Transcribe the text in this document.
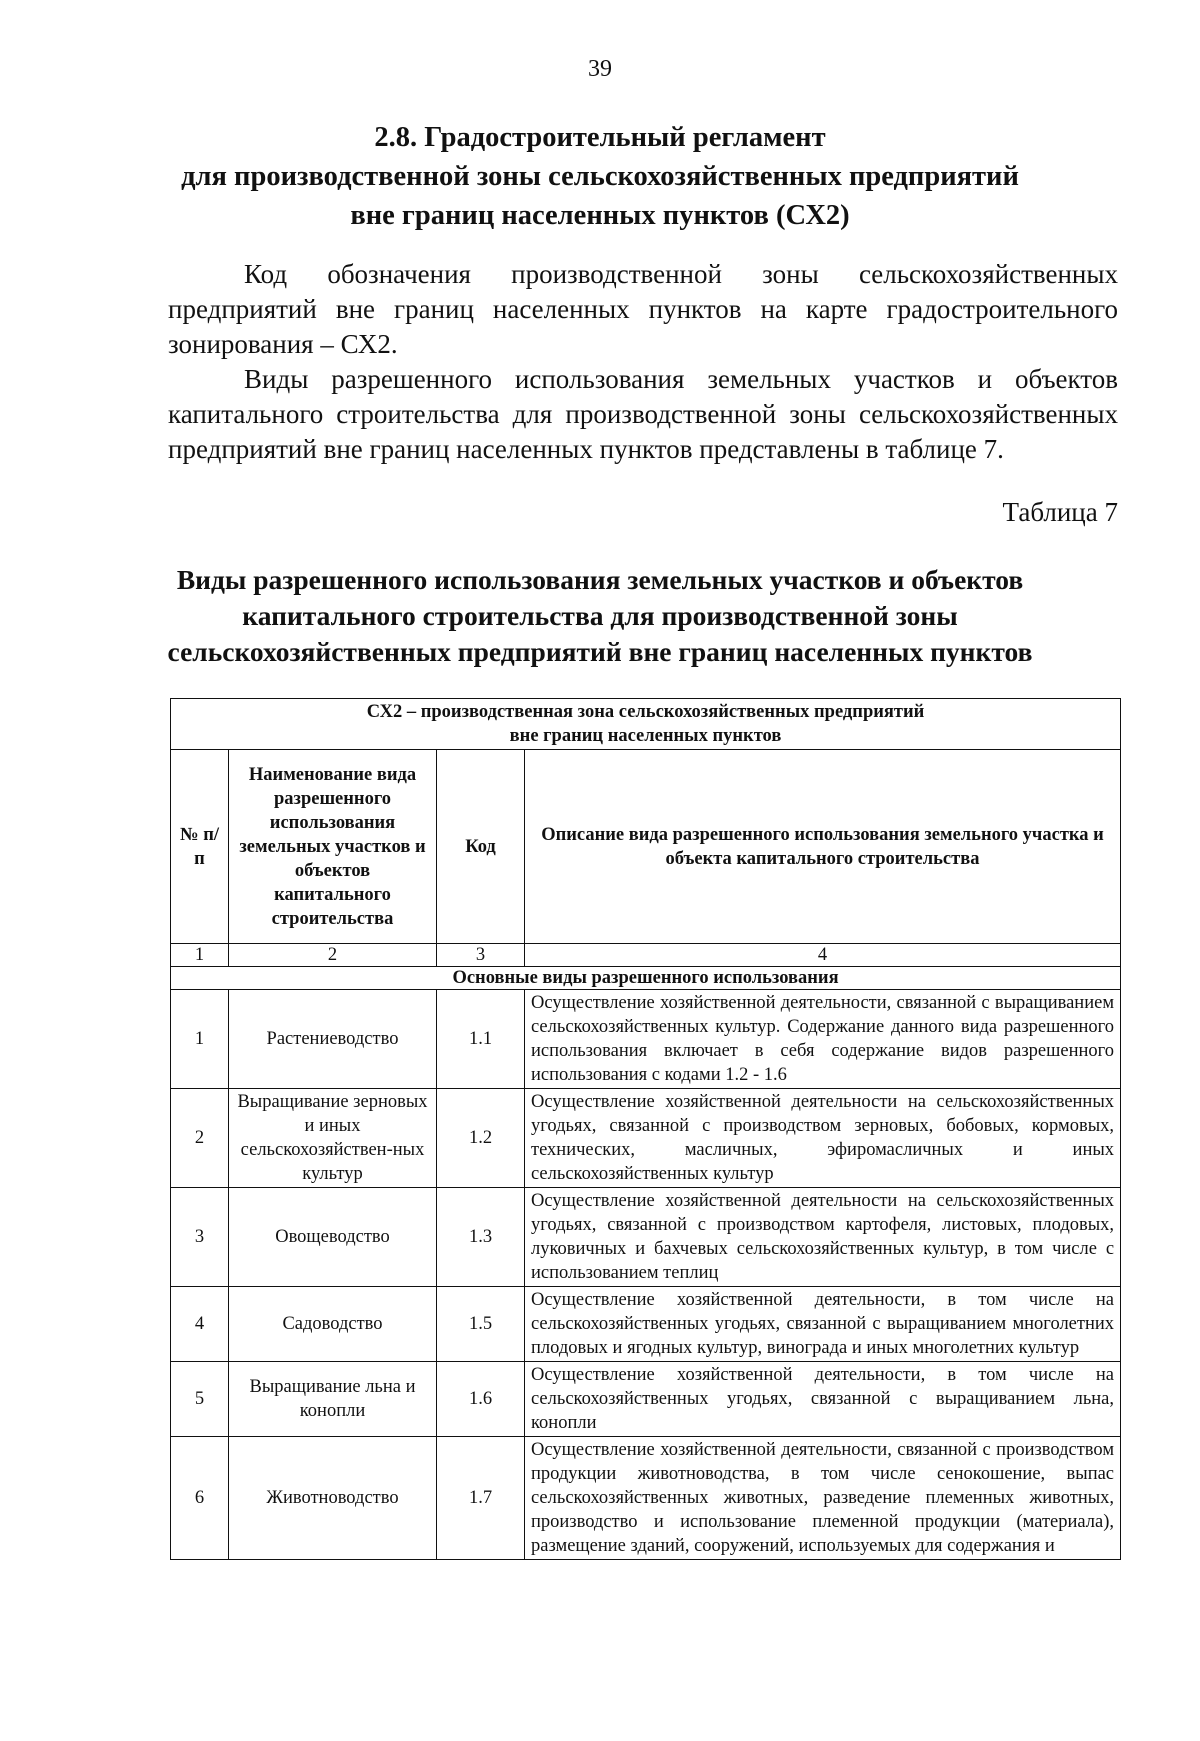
39
2.8. Градостроительный регламент
для производственной зоны сельскохозяйственных предприятий
вне границ населенных пунктов (СХ2)
Код обозначения производственной зоны сельскохозяйственных предприятий вне границ населенных пунктов на карте градостроительного зонирования – СХ2.
Виды разрешенного использования земельных участков и объектов капитального строительства для производственной зоны сельскохозяйственных предприятий вне границ населенных пунктов представлены в таблице 7.
Таблица 7
Виды разрешенного использования земельных участков и объектов
капитального строительства для производственной зоны
сельскохозяйственных предприятий вне границ населенных пунктов
СХ2 – производственная зона сельскохозяйственных предприятий
вне границ населенных пунктов			

№ п/п	Наименование вида разрешенного использования земельных участков и объектов капитального строительства	Код	Описание вида разрешенного использования земельного участка и объекта капитального строительства
1	2	3	4
Основные виды разрешенного использования			
1	Растениеводство	1.1	Осуществление хозяйственной деятельности, связанной с выращиванием сельскохозяйственных культур. Содержание данного вида разрешенного использования включает в себя содержание видов разрешенного использования с кодами 1.2 - 1.6
2	Выращивание зерновых и иных сельскохозяйствен-ных культур	1.2	Осуществление хозяйственной деятельности на сельскохозяйственных угодьях, связанной с производством зерновых, бобовых, кормовых, технических, масличных, эфиромасличных и иных сельскохозяйственных культур
3	Овощеводство	1.3	Осуществление хозяйственной деятельности на сельскохозяйственных угодьях, связанной с производством картофеля, листовых, плодовых, луковичных и бахчевых сельскохозяйственных культур, в том числе с использованием теплиц
4	Садоводство	1.5	Осуществление хозяйственной деятельности, в том числе на сельскохозяйственных угодьях, связанной с выращиванием многолетних плодовых и ягодных культур, винограда и иных многолетних культур
5	Выращивание льна и конопли	1.6	Осуществление хозяйственной деятельности, в том числе на сельскохозяйственных угодьях, связанной с выращиванием льна, конопли
6	Животноводство	1.7	Осуществление хозяйственной деятельности, связанной с производством продукции животноводства, в том числе сенокошение, выпас сельскохозяйственных животных, разведение племенных животных, производство и использование племенной продукции (материала), размещение зданий, сооружений, используемых для содержания и
